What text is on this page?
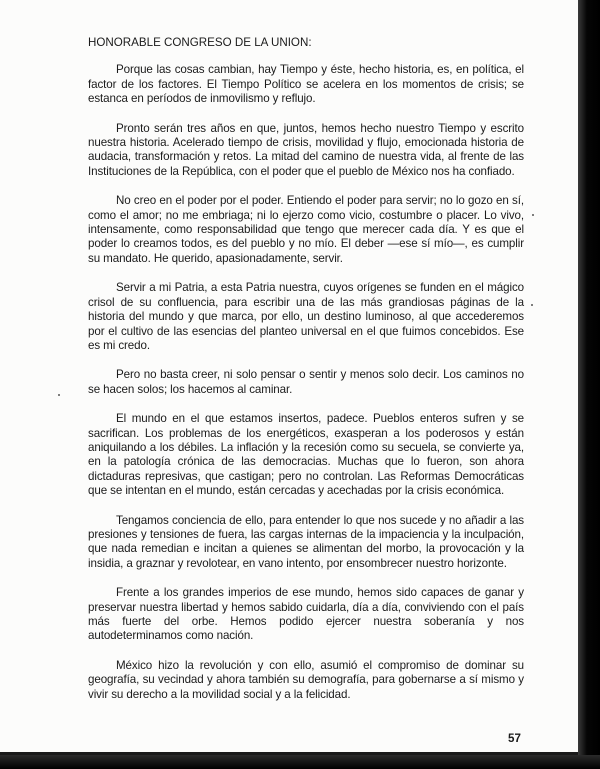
HONORABLE CONGRESO DE LA UNION:

Porque las cosas cambian, hay Tiempo y éste, hecho historia, es, en política, el factor de los factores. El Tiempo Político se acelera en los momentos de crisis; se estanca en períodos de inmovilismo y reflujo.

Pronto serán tres años en que, juntos, hemos hecho nuestro Tiempo y escrito nuestra historia. Acelerado tiempo de crisis, movilidad y flujo, emocionada historia de audacia, transformación y retos. La mitad del camino de nuestra vida, al frente de las Instituciones de la República, con el poder que el pueblo de México nos ha confiado.

No creo en el poder por el poder. Entiendo el poder para servir; no lo gozo en sí, como el amor; no me embriaga; ni lo ejerzo como vicio, costumbre o placer. Lo vivo, intensamente, como responsabilidad que tengo que merecer cada día. Y es que el poder lo creamos todos, es del pueblo y no mío. El deber —ese sí mío—, es cumplir su mandato. He querido, apasionadamente, servir.

Servir a mi Patria, a esta Patria nuestra, cuyos orígenes se funden en el mágico crisol de su confluencia, para escribir una de las más grandiosas páginas de la historia del mundo y que marca, por ello, un destino luminoso, al que accederemos por el cultivo de las esencias del planteo universal en el que fuimos concebidos. Ese es mi credo.

Pero no basta creer, ni solo pensar o sentir y menos solo decir. Los caminos no se hacen solos; los hacemos al caminar.

El mundo en el que estamos insertos, padece. Pueblos enteros sufren y se sacrifican. Los problemas de los energéticos, exasperan a los poderosos y están aniquilando a los débiles. La inflación y la recesión como su secuela, se convierte ya, en la patología crónica de las democracias. Muchas que lo fueron, son ahora dictaduras represivas, que castigan; pero no controlan. Las Reformas Democráticas que se intentan en el mundo, están cercadas y acechadas por la crisis económica.

Tengamos conciencia de ello, para entender lo que nos sucede y no añadir a las presiones y tensiones de fuera, las cargas internas de la impaciencia y la inculpación, que nada remedian e incitan a quienes se alimentan del morbo, la provocación y la insidia, a graznar y revolotear, en vano intento, por ensombrecer nuestro horizonte.

Frente a los grandes imperios de ese mundo, hemos sido capaces de ganar y preservar nuestra libertad y hemos sabido cuidarla, día a día, conviviendo con el país más fuerte del orbe. Hemos podido ejercer nuestra soberanía y nos autodeterminamos como nación.

México hizo la revolución y con ello, asumió el compromiso de dominar su geografía, su vecindad y ahora también su demografía, para gobernarse a sí mismo y vivir su derecho a la movilidad social y a la felicidad.

57
